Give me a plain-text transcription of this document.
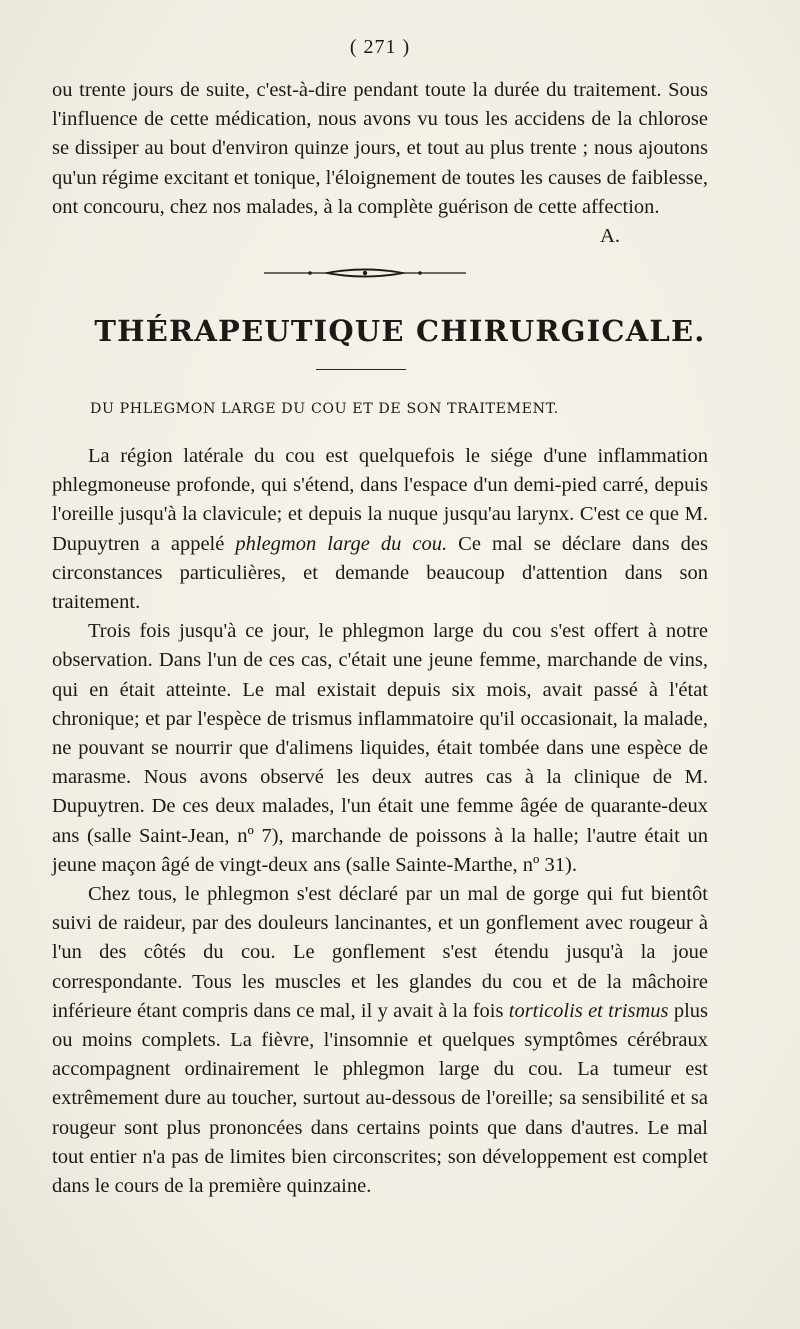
( 271 )

ou trente jours de suite, c'est-à-dire pendant toute la durée du traitement. Sous l'influence de cette médication, nous avons vu tous les accidens de la chlorose se dissiper au bout d'environ quinze jours, et tout au plus trente ; nous ajoutons qu'un régime excitant et tonique, l'éloignement de toutes les causes de faiblesse, ont concouru, chez nos malades, à la complète guérison de cette affection.
A.

THÉRAPEUTIQUE CHIRURGICALE.
DU PHLEGMON LARGE DU COU ET DE SON TRAITEMENT.

La région latérale du cou est quelquefois le siége d'une inflammation phlegmoneuse profonde, qui s'étend, dans l'espace d'un demi-pied carré, depuis l'oreille jusqu'à la clavicule; et depuis la nuque jusqu'au larynx. C'est ce que M. Dupuytren a appelé phlegmon large du cou. Ce mal se déclare dans des circonstances particulières, et demande beaucoup d'attention dans son traitement.

Trois fois jusqu'à ce jour, le phlegmon large du cou s'est offert à notre observation. Dans l'un de ces cas, c'était une jeune femme, marchande de vins, qui en était atteinte. Le mal existait depuis six mois, avait passé à l'état chronique; et par l'espèce de trismus inflammatoire qu'il occasionait, la malade, ne pouvant se nourrir que d'alimens liquides, était tombée dans une espèce de marasme. Nous avons observé les deux autres cas à la clinique de M. Dupuytren. De ces deux malades, l'un était une femme âgée de quarante-deux ans (salle Saint-Jean, nº 7), marchande de poissons à la halle; l'autre était un jeune maçon âgé de vingt-deux ans (salle Sainte-Marthe, nº 31).

Chez tous, le phlegmon s'est déclaré par un mal de gorge qui fut bientôt suivi de raideur, par des douleurs lancinantes, et un gonflement avec rougeur à l'un des côtés du cou. Le gonflement s'est étendu jusqu'à la joue correspondante. Tous les muscles et les glandes du cou et de la mâchoire inférieure étant compris dans ce mal, il y avait à la fois torticolis et trismus plus ou moins complets. La fièvre, l'insomnie et quelques symptômes cérébraux accompagnent ordinairement le phlegmon large du cou. La tumeur est extrêmement dure au toucher, surtout au-dessous de l'oreille; sa sensibilité et sa rougeur sont plus prononcées dans certains points que dans d'autres. Le mal tout entier n'a pas de limites bien circonscrites; son développement est complet dans le cours de la première quinzaine.
